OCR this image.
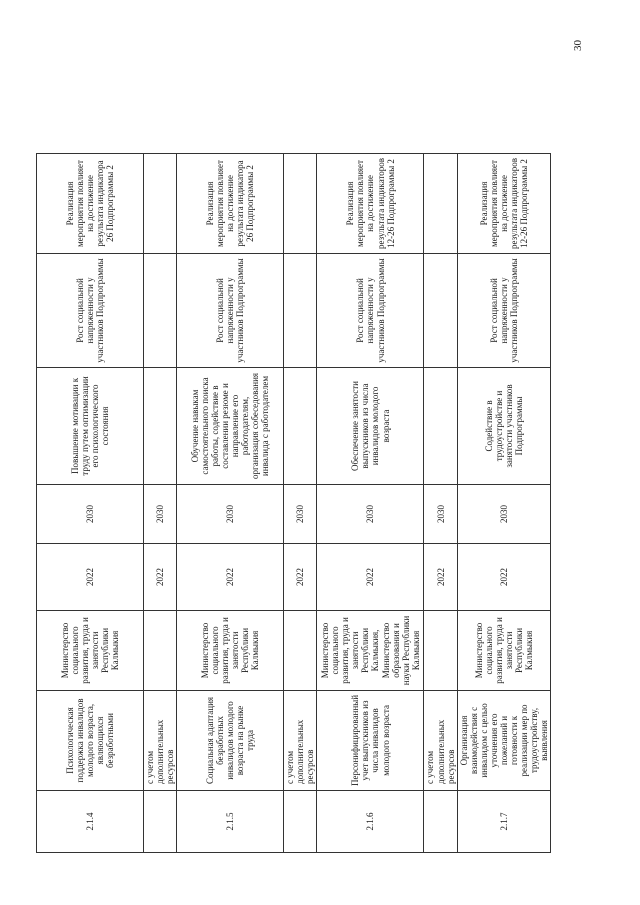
2.1.4	Психологическая поддержка инвалидов молодого возраста, являющихся безработными	Министерство социального развития, труда и занятости Республики Калмыкия	2022	2030	Повышение мотивации к труду путем оптимизации его психологического состояния	Рост социальной напряженности у участников Подпрограммы	Реализация мероприятия повлияет на достижение результата индикатора 26 Подпрограммы 2
	с учетом дополнительных ресурсов		2022	2030			
2.1.5	Социальная адаптация безработных инвалидов молодого возраста на рынке труда	Министерство социального развития, труда и занятости Республики Калмыкия	2022	2030	Обучение навыкам самостоятельного поиска работы, содействие в составлении резюме и направление его работодателям, организация собеседования инвалида с работодателем	Рост социальной напряженности у участников Подпрограммы	Реализация мероприятия повлияет на достижение результата индикатора 26 Подпрограммы 2
	с учетом дополнительных ресурсов		2022	2030			
2.1.6	Персонифицированный учет выпускников из числа инвалидов молодого возраста	Министерство социального развития, труда и занятости Республики Калмыкия, Министерство образования и науки Республики Калмыкия	2022	2030	Обеспечение занятости выпускников из числа инвалидов молодого возраста	Рост социальной напряженности у участников Подпрограммы	Реализация мероприятия повлияет на достижение результата индикаторов 12-26 Подпрограммы 2
	с учетом дополнительных ресурсов		2022	2030			
2.1.7	Организация взаимодействия с инвалидом с целью уточнения его пожеланий и готовности к реализации мер по трудоустройству, выявления	Министерство социального развития, труда и занятости Республики Калмыкия	2022	2030	Содействие в трудоустройстве и занятости участников Подпрограммы	Рост социальной напряженности у участников Подпрограммы	Реализация мероприятия повлияет на достижение результата индикаторов 12-26 Подпрограммы 2
30
